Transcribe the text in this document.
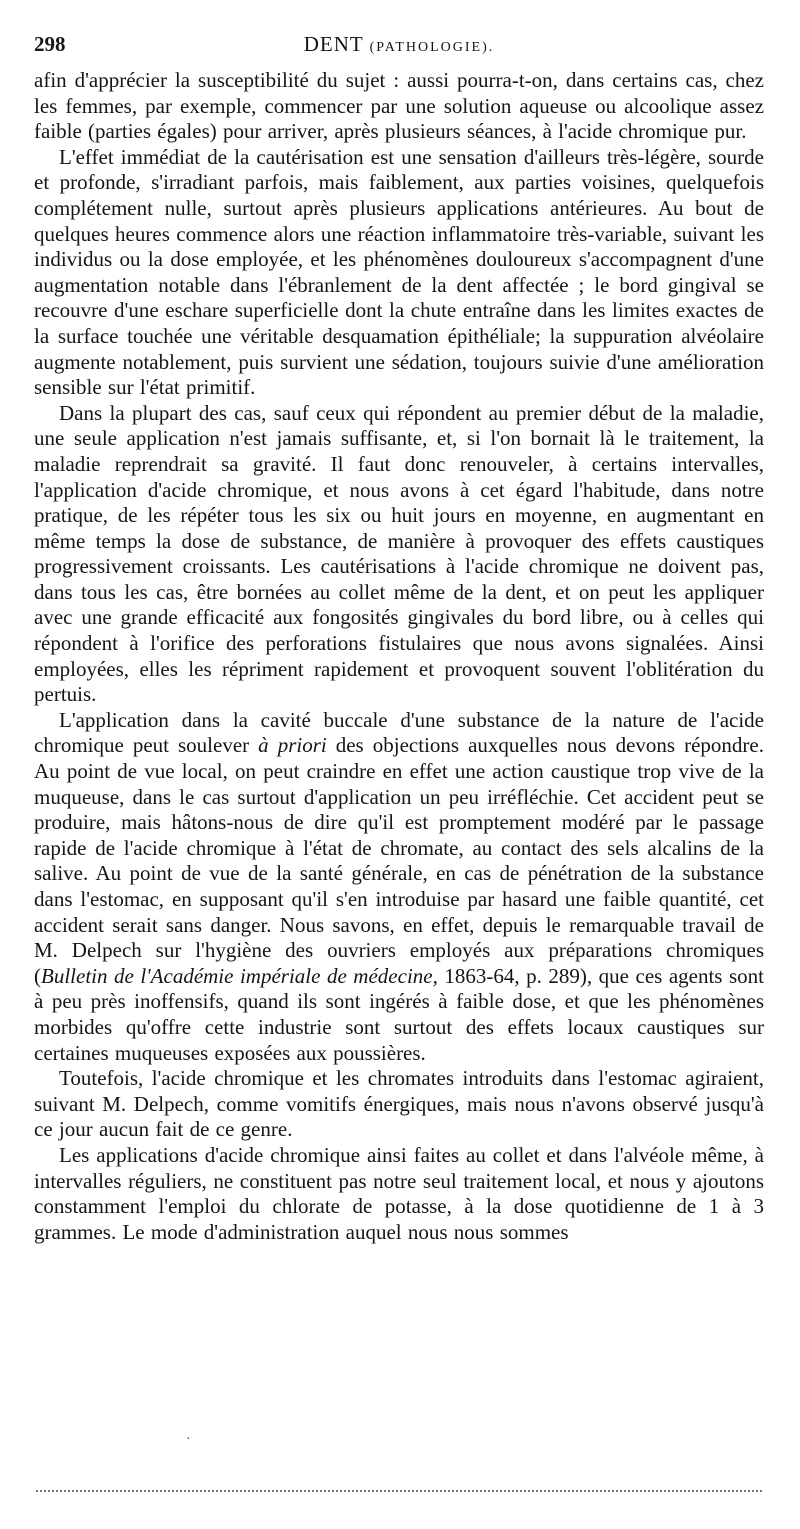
298	DENT (PATHOLOGIE).

afin d'apprécier la susceptibilité du sujet : aussi pourra-t-on, dans certains cas, chez les femmes, par exemple, commencer par une solution aqueuse ou alcoolique assez faible (parties égales) pour arriver, après plusieurs séances, à l'acide chromique pur.

L'effet immédiat de la cautérisation est une sensation d'ailleurs très-légère, sourde et profonde, s'irradiant parfois, mais faiblement, aux parties voisines, quelquefois complétement nulle, surtout après plusieurs applications antérieures. Au bout de quelques heures commence alors une réaction inflammatoire très-variable, suivant les individus ou la dose employée, et les phénomènes douloureux s'accompagnent d'une augmentation notable dans l'ébranlement de la dent affectée ; le bord gingival se recouvre d'une eschare superficielle dont la chute entraîne dans les limites exactes de la surface touchée une véritable desquamation épithéliale; la suppuration alvéolaire augmente notablement, puis survient une sédation, toujours suivie d'une amélioration sensible sur l'état primitif.

Dans la plupart des cas, sauf ceux qui répondent au premier début de la maladie, une seule application n'est jamais suffisante, et, si l'on bornait là le traitement, la maladie reprendrait sa gravité. Il faut donc renouveler, à certains intervalles, l'application d'acide chromique, et nous avons à cet égard l'habitude, dans notre pratique, de les répéter tous les six ou huit jours en moyenne, en augmentant en même temps la dose de substance, de manière à provoquer des effets caustiques progressivement croissants. Les cautérisations à l'acide chromique ne doivent pas, dans tous les cas, être bornées au collet même de la dent, et on peut les appliquer avec une grande efficacité aux fongosités gingivales du bord libre, ou à celles qui répondent à l'orifice des perforations fistulaires que nous avons signalées. Ainsi employées, elles les répriment rapidement et provoquent souvent l'oblitération du pertuis.

L'application dans la cavité buccale d'une substance de la nature de l'acide chromique peut soulever à priori des objections auxquelles nous devons répondre. Au point de vue local, on peut craindre en effet une action caustique trop vive de la muqueuse, dans le cas surtout d'application un peu irréfléchie. Cet accident peut se produire, mais hâtons-nous de dire qu'il est promptement modéré par le passage rapide de l'acide chromique à l'état de chromate, au contact des sels alcalins de la salive. Au point de vue de la santé générale, en cas de pénétration de la substance dans l'estomac, en supposant qu'il s'en introduise par hasard une faible quantité, cet accident serait sans danger. Nous savons, en effet, depuis le remarquable travail de M. Delpech sur l'hygiène des ouvriers employés aux préparations chromiques (Bulletin de l'Académie impériale de médecine, 1863-64, p. 289), que ces agents sont à peu près inoffensifs, quand ils sont ingérés à faible dose, et que les phénomènes morbides qu'offre cette industrie sont surtout des effets locaux caustiques sur certaines muqueuses exposées aux poussières.

Toutefois, l'acide chromique et les chromates introduits dans l'estomac agiraient, suivant M. Delpech, comme vomitifs énergiques, mais nous n'avons observé jusqu'à ce jour aucun fait de ce genre.

Les applications d'acide chromique ainsi faites au collet et dans l'alvéole même, à intervalles réguliers, ne constituent pas notre seul traitement local, et nous y ajoutons constamment l'emploi du chlorate de potasse, à la dose quotidienne de 1 à 3 grammes. Le mode d'administration auquel nous nous sommes

·
